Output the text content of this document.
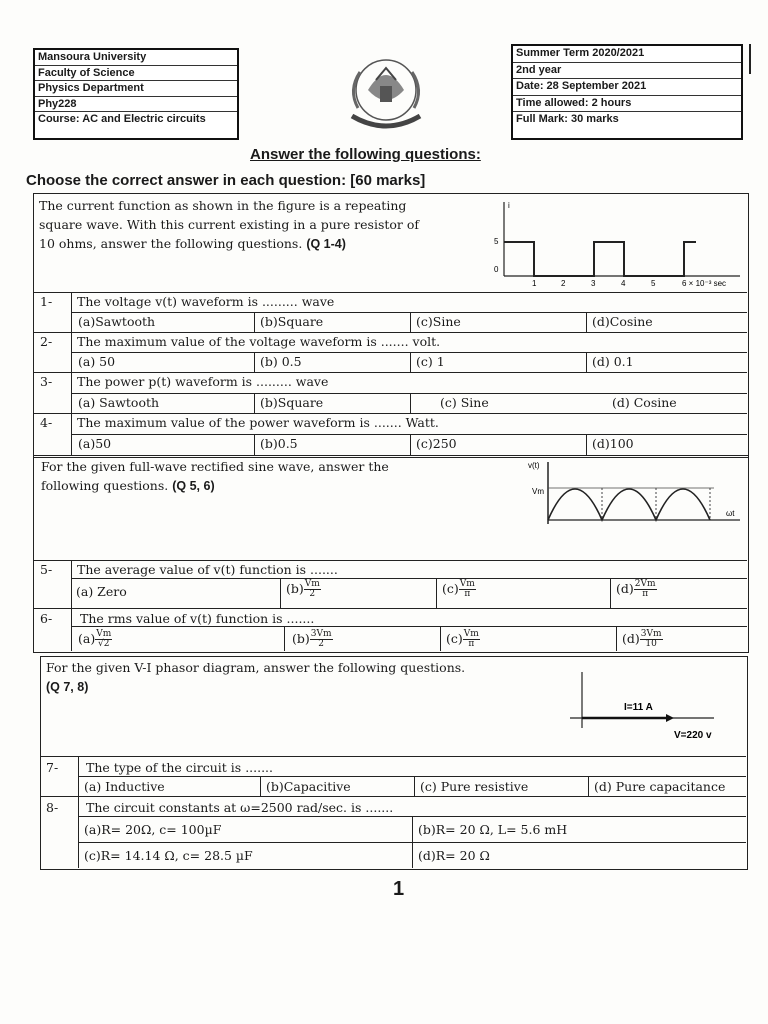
Mansoura University
Faculty of Science
Physics Department
Phy228
Course: AC and Electric circuits
Summer Term 2020/2021
2nd year
Date: 28 September 2021
Time allowed: 2 hours
Full Mark: 30 marks
Answer the following questions:
Choose the correct answer in each question: [60 marks]
The current function as shown in the figure is a repeating
square wave. With this current existing in a pure resistor of
10 ohms, answer the following questions. (Q 1-4)
i
5
0
1	2	3	4	5	6 × 10⁻³ sec
1- The voltage v(t) waveform is ......... wave
(a)Sawtooth	(b)Square	(c)Sine	(d)Cosine
2- The maximum value of the voltage waveform is ....... volt.
(a) 50	(b) 0.5	(c) 1	(d) 0.1
3- The power p(t) waveform is ......... wave
(a) Sawtooth	(b)Square	(c) Sine	(d) Cosine
4- The maximum value of the power waveform is ....... Watt.
(a)50	(b)0.5	(c)250	(d)100
For the given full-wave rectified sine wave, answer the
following questions. (Q 5, 6)
v(t)
Vm
ωt
5- The average value of v(t) function is .......
(a) Zero	$(b) \frac{Vm}{2}$	$(c) \frac{Vm}{\pi}$	$(d) \frac{2Vm}{\pi}$
6- The rms value of v(t) function is .......
$(a) \frac{Vm}{√2}$	$(b) \frac{3Vm}{2}$	$(c) \frac{Vm}{\pi}$	$(d) \frac{3Vm}{10}$
For the given V-I phasor diagram, answer the following questions.
(Q 7, 8)
I=11 A
V=220 v
7- The type of the circuit is .......
(a) Inductive	(b)Capacitive	(c) Pure resistive	(d) Pure capacitance
8- The circuit constants at ω=2500 rad/sec. is .......
(a)R= 20Ω, c= 100µF	(b)R= 20 Ω, L= 5.6 mH
(c)R= 14.14 Ω, c= 28.5 µF	(d)R= 20 Ω
1
